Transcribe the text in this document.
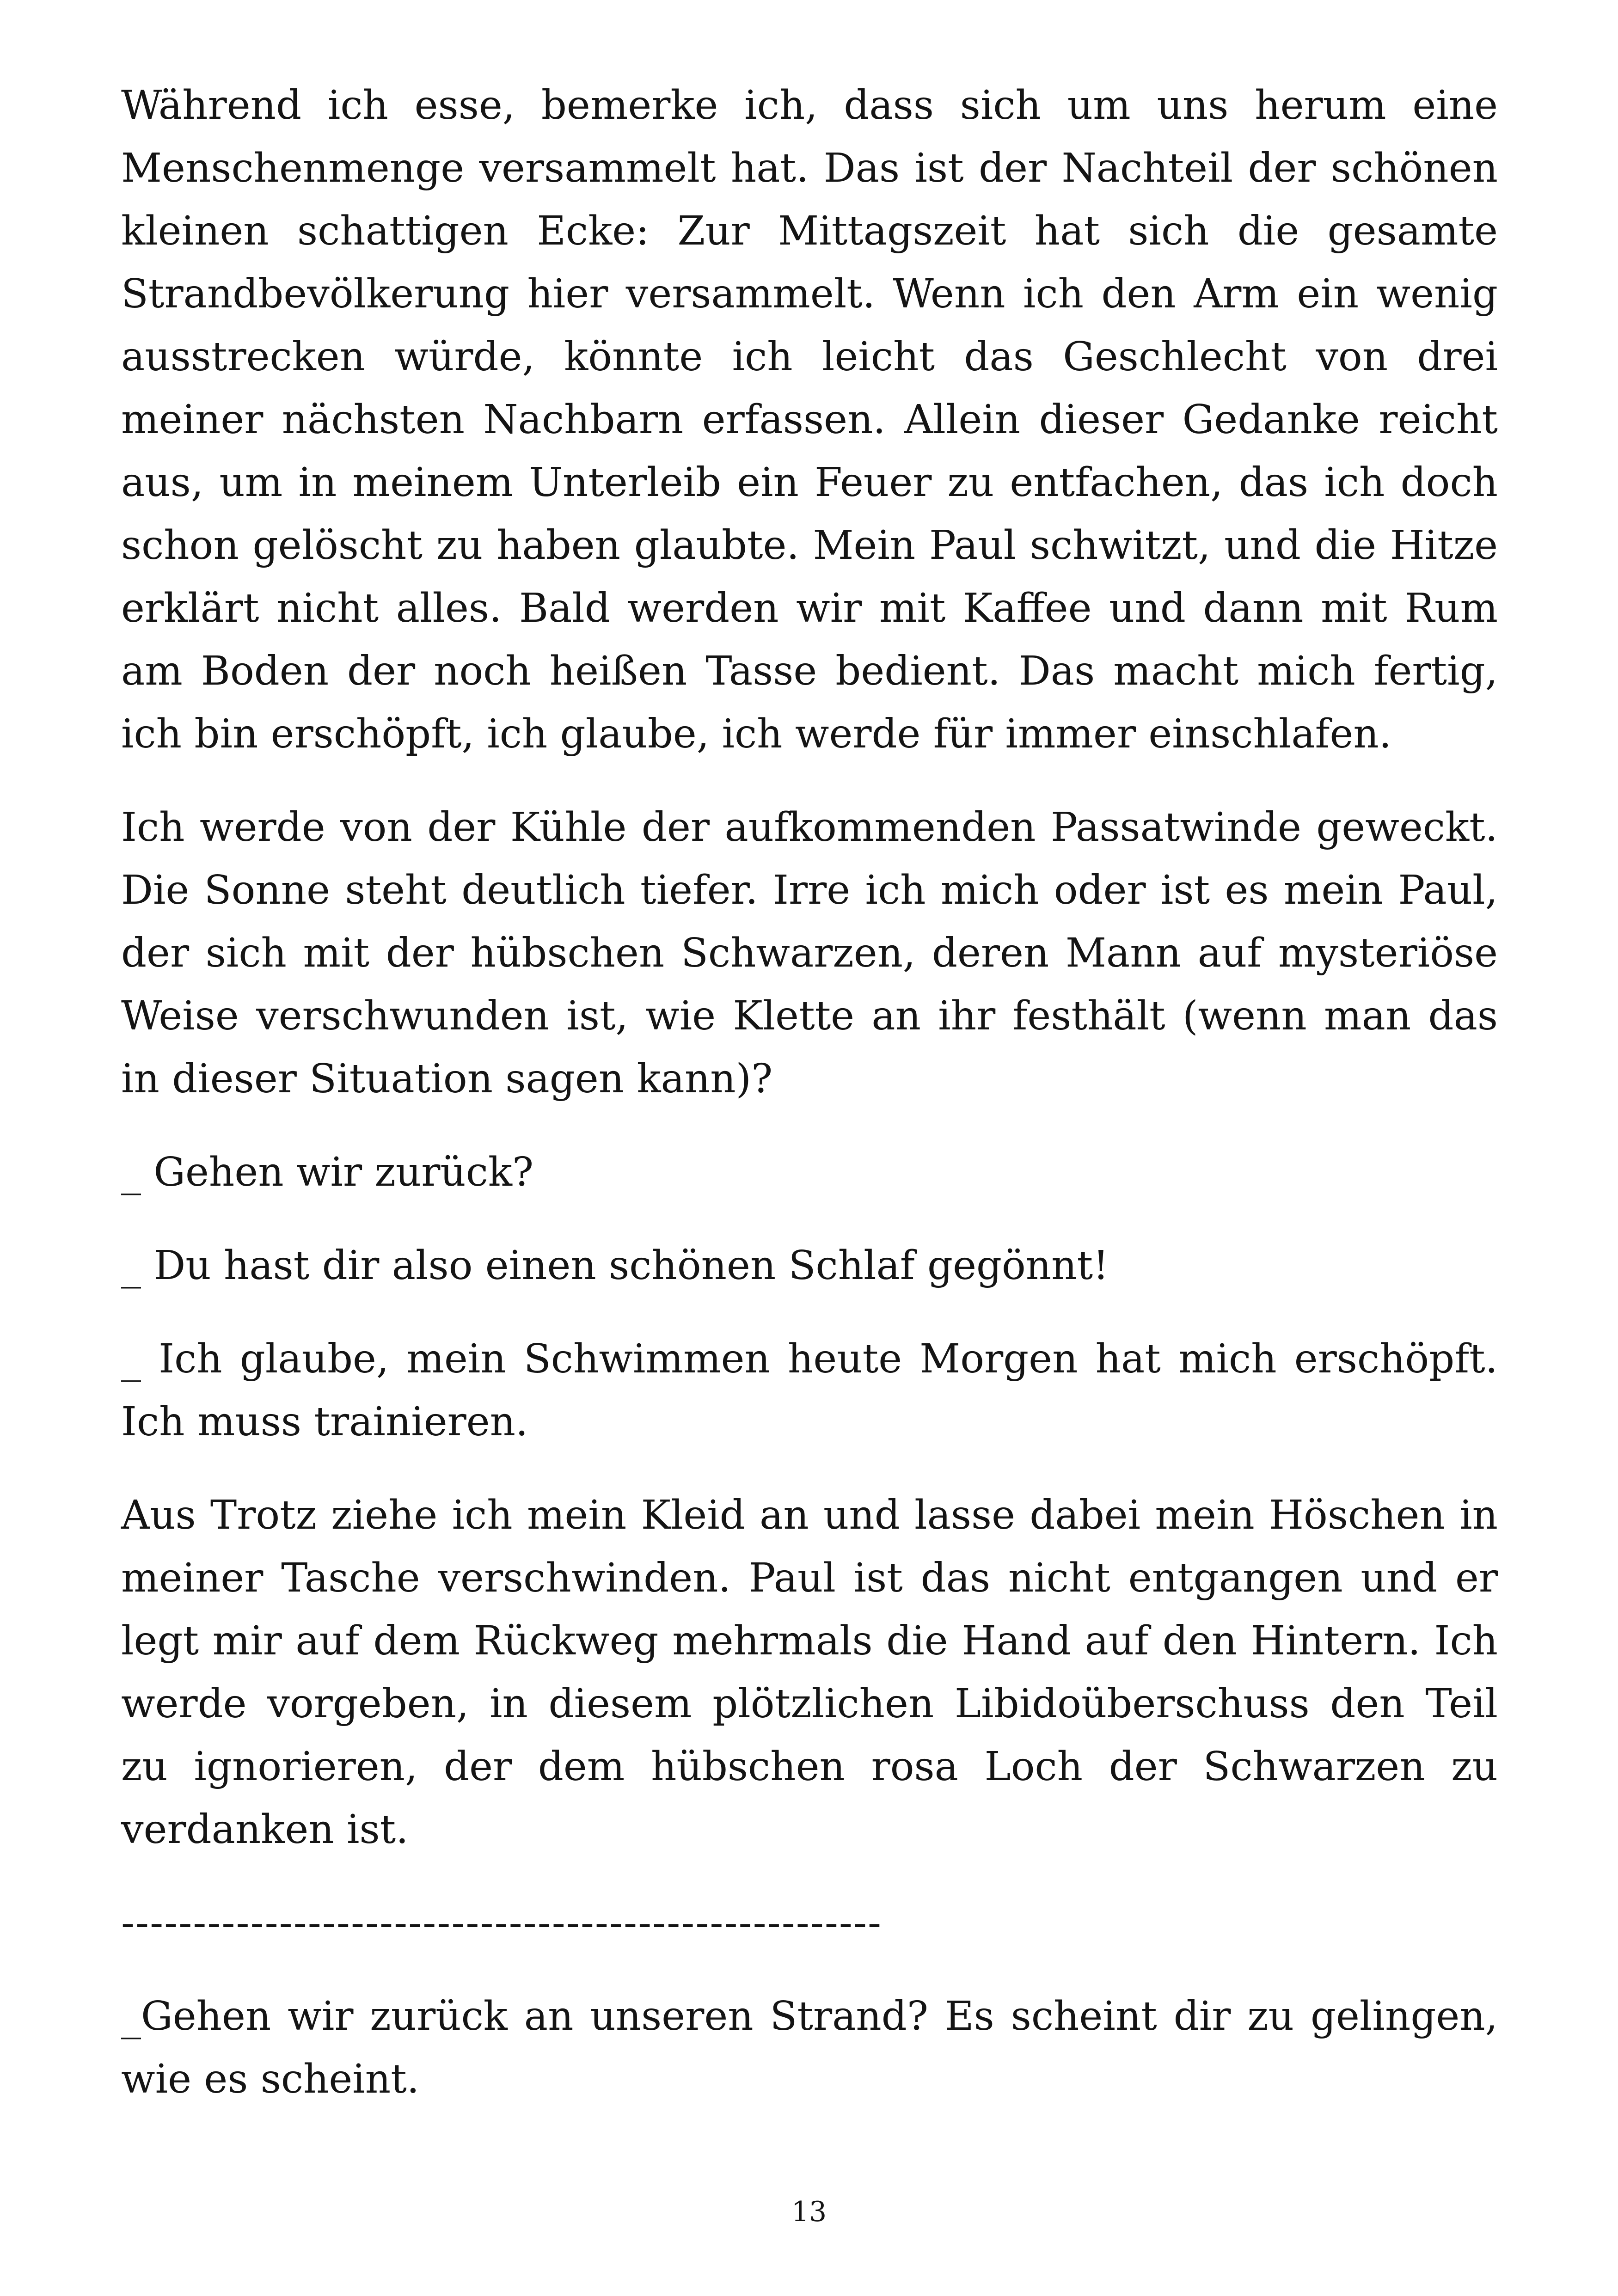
Während ich esse, bemerke ich, dass sich um uns herum eine Menschenmenge versammelt hat. Das ist der Nachteil der schönen kleinen schattigen Ecke: Zur Mittagszeit hat sich die gesamte Strandbevölkerung hier versammelt. Wenn ich den Arm ein wenig ausstrecken würde, könnte ich leicht das Geschlecht von drei meiner nächsten Nachbarn erfassen. Allein dieser Gedanke reicht aus, um in meinem Unterleib ein Feuer zu entfachen, das ich doch schon gelöscht zu haben glaubte. Mein Paul schwitzt, und die Hitze erklärt nicht alles. Bald werden wir mit Kaffee und dann mit Rum am Boden der noch heißen Tasse bedient. Das macht mich fertig, ich bin erschöpft, ich glaube, ich werde für immer einschlafen.

Ich werde von der Kühle der aufkommenden Passatwinde geweckt. Die Sonne steht deutlich tiefer. Irre ich mich oder ist es mein Paul, der sich mit der hübschen Schwarzen, deren Mann auf mysteriöse Weise verschwunden ist, wie Klette an ihr festhält (wenn man das in dieser Situation sagen kann)?

_ Gehen wir zurück?

_ Du hast dir also einen schönen Schlaf gegönnt!

_ Ich glaube, mein Schwimmen heute Morgen hat mich erschöpft. Ich muss trainieren.

Aus Trotz ziehe ich mein Kleid an und lasse dabei mein Höschen in meiner Tasche verschwinden. Paul ist das nicht entgangen und er legt mir auf dem Rückweg mehrmals die Hand auf den Hintern. Ich werde vorgeben, in diesem plötzlichen Libidoüberschuss den Teil zu ignorieren, der dem hübschen rosa Loch der Schwarzen zu verdanken ist.

-----------------------------------------------------

_Gehen wir zurück an unseren Strand? Es scheint dir zu gelingen, wie es scheint.

13
